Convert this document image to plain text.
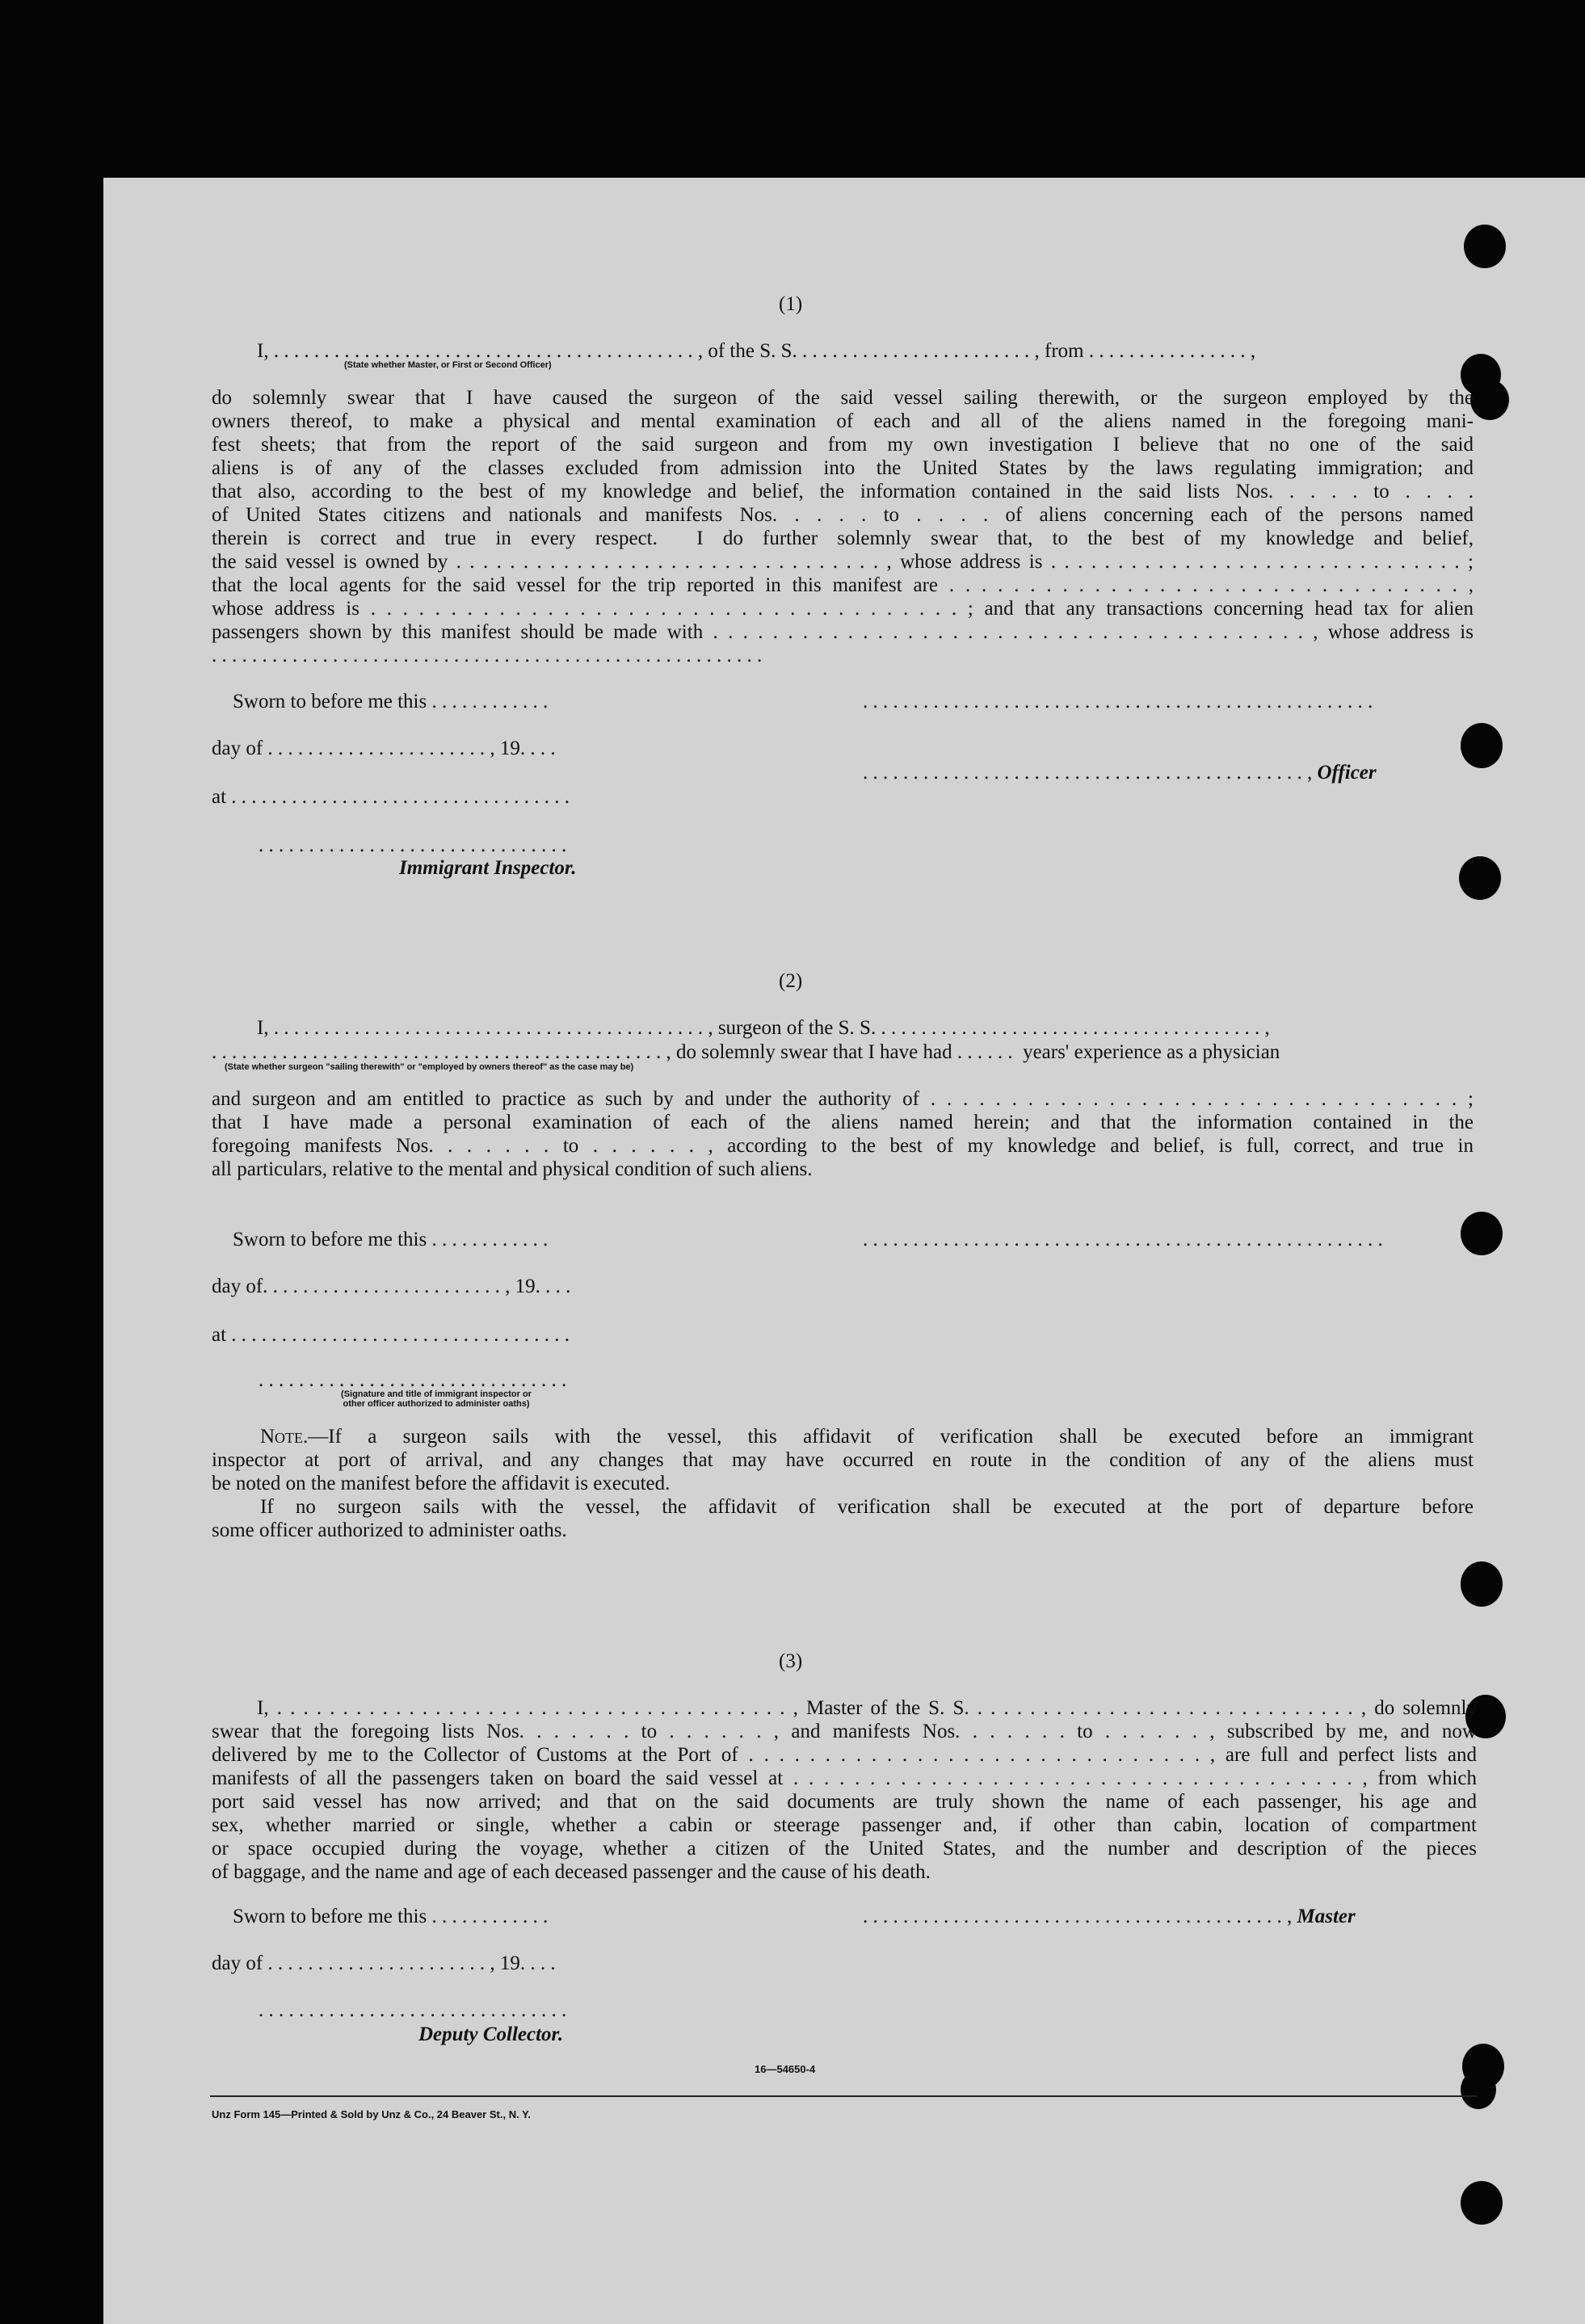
(1)
I, . . . . . . . . . . . . . . . . . . . . . . . . . . . . . . . . . . . . . . . . . . , of the S. S. . . . . . . . . . . . . . . . . . . . . . . . , from . . . . . . . . . . . . . . . . ,
(State whether Master, or First or Second Officer)
do solemnly swear that I have caused the surgeon of the said vessel sailing therewith, or the surgeon employed by the
owners thereof, to make a physical and mental examination of each and all of the aliens named in the foregoing mani-
fest sheets; that from the report of the said surgeon and from my own investigation I believe that no one of the said
aliens is of any of the classes excluded from admission into the United States by the laws regulating immigration; and
that also, according to the best of my knowledge and belief, the information contained in the said lists Nos. . . . . to . . . .
of United States citizens and nationals and manifests Nos. . . . . to . . . . of aliens concerning each of the persons named
therein is correct and true in every respect.  I do further solemnly swear that, to the best of my knowledge and belief,
the said vessel is owned by . . . . . . . . . . . . . . . . . . . . . . . . . . . . . . . . , whose address is . . . . . . . . . . . . . . . . . . . . . . . . . . . . . . . ;
that the local agents for the said vessel for the trip reported in this manifest are . . . . . . . . . . . . . . . . . . . . . . . . . . . . . . . . ,
whose address is . . . . . . . . . . . . . . . . . . . . . . . . . . . . . . . . . . . . . ; and that any transactions concerning head tax for alien
passengers shown by this manifest should be made with . . . . . . . . . . . . . . . . . . . . . . . . . . . . . . . . . . . . . . . . , whose address is
. . . . . . . . . . . . . . . . . . . . . . . . . . . . . . . . . . . . . . . . . . . . . . . . . . . . . . .
Sworn to before me this . . . . . . . . . . . .	. . . . . . . . . . . . . . . . . . . . . . . . . . . . . . . . . . . . . . . . . . . . . . . . . . .
day of . . . . . . . . . . . . . . . . . . . . . . , 19. . . .
. . . . . . . . . . . . . . . . . . . . . . . . . . . . . . . . . . . . . . . . . . . . , Officer
at . . . . . . . . . . . . . . . . . . . . . . . . . . . . . . . . . .
. . . . . . . . . . . . . . . . . . . . . . . . . . . . . . .
Immigrant Inspector.
(2)
I, . . . . . . . . . . . . . . . . . . . . . . . . . . . . . . . . . . . . . . . . . . . , surgeon of the S. S. . . . . . . . . . . . . . . . . . . . . . . . . . . . . . . . . . . . . . . ,
. . . . . . . . . . . . . . . . . . . . . . . . . . . . . . . . . . . . . . . . . . . . . , do solemnly swear that I have had . . . . . .  years' experience as a physician
(State whether surgeon "sailing therewith" or "employed by owners thereof" as the case may be)
and surgeon and am entitled to practice as such by and under the authority of . . . . . . . . . . . . . . . . . . . . . . . . . . . . . . . . . ;
that I have made a personal examination of each of the aliens named herein; and that the information contained in the
foregoing manifests Nos. . . . . . . to . . . . . . , according to the best of my knowledge and belief, is full, correct, and true in
all particulars, relative to the mental and physical condition of such aliens.
Sworn to before me this . . . . . . . . . . . .	. . . . . . . . . . . . . . . . . . . . . . . . . . . . . . . . . . . . . . . . . . . . . . . . . . . .
day of. . . . . . . . . . . . . . . . . . . . . . . . , 19. . . .
at . . . . . . . . . . . . . . . . . . . . . . . . . . . . . . . . . .
. . . . . . . . . . . . . . . . . . . . . . . . . . . . . . .
(Signature and title of immigrant inspector or
other officer authorized to administer oaths)
Note.—If a surgeon sails with the vessel, this affidavit of verification shall be executed before an immigrant
inspector at port of arrival, and any changes that may have occurred en route in the condition of any of the aliens must
be noted on the manifest before the affidavit is executed.
If no surgeon sails with the vessel, the affidavit of verification shall be executed at the port of departure before
some officer authorized to administer oaths.
(3)
I, . . . . . . . . . . . . . . . . . . . . . . . . . . . . . . . . . . . . . . . , Master of the S. S. . . . . . . . . . . . . . . . . . . . . . . . . . . . . . , do solemnly
swear that the foregoing lists Nos. . . . . . . to . . . . . . , and manifests Nos. . . . . . . to . . . . . . , subscribed by me, and now
delivered by me to the Collector of Customs at the Port of . . . . . . . . . . . . . . . . . . . . . . . . . . . . . . , are full and perfect lists and
manifests of all the passengers taken on board the said vessel at . . . . . . . . . . . . . . . . . . . . . . . . . . . . . . . . . . . . . , from which
port said vessel has now arrived; and that on the said documents are truly shown the name of each passenger, his age and
sex, whether married or single, whether a cabin or steerage passenger and, if other than cabin, location of compartment
or space occupied during the voyage, whether a citizen of the United States, and the number and description of the pieces
of baggage, and the name and age of each deceased passenger and the cause of his death.
Sworn to before me this . . . . . . . . . . . .	. . . . . . . . . . . . . . . . . . . . . . . . . . . . . . . . . . . . . . . . . . , Master
day of . . . . . . . . . . . . . . . . . . . . . . , 19. . . .
. . . . . . . . . . . . . . . . . . . . . . . . . . . . . . .
Deputy Collector.
16—54650-4
Unz Form 145—Printed & Sold by Unz & Co., 24 Beaver St., N. Y.
